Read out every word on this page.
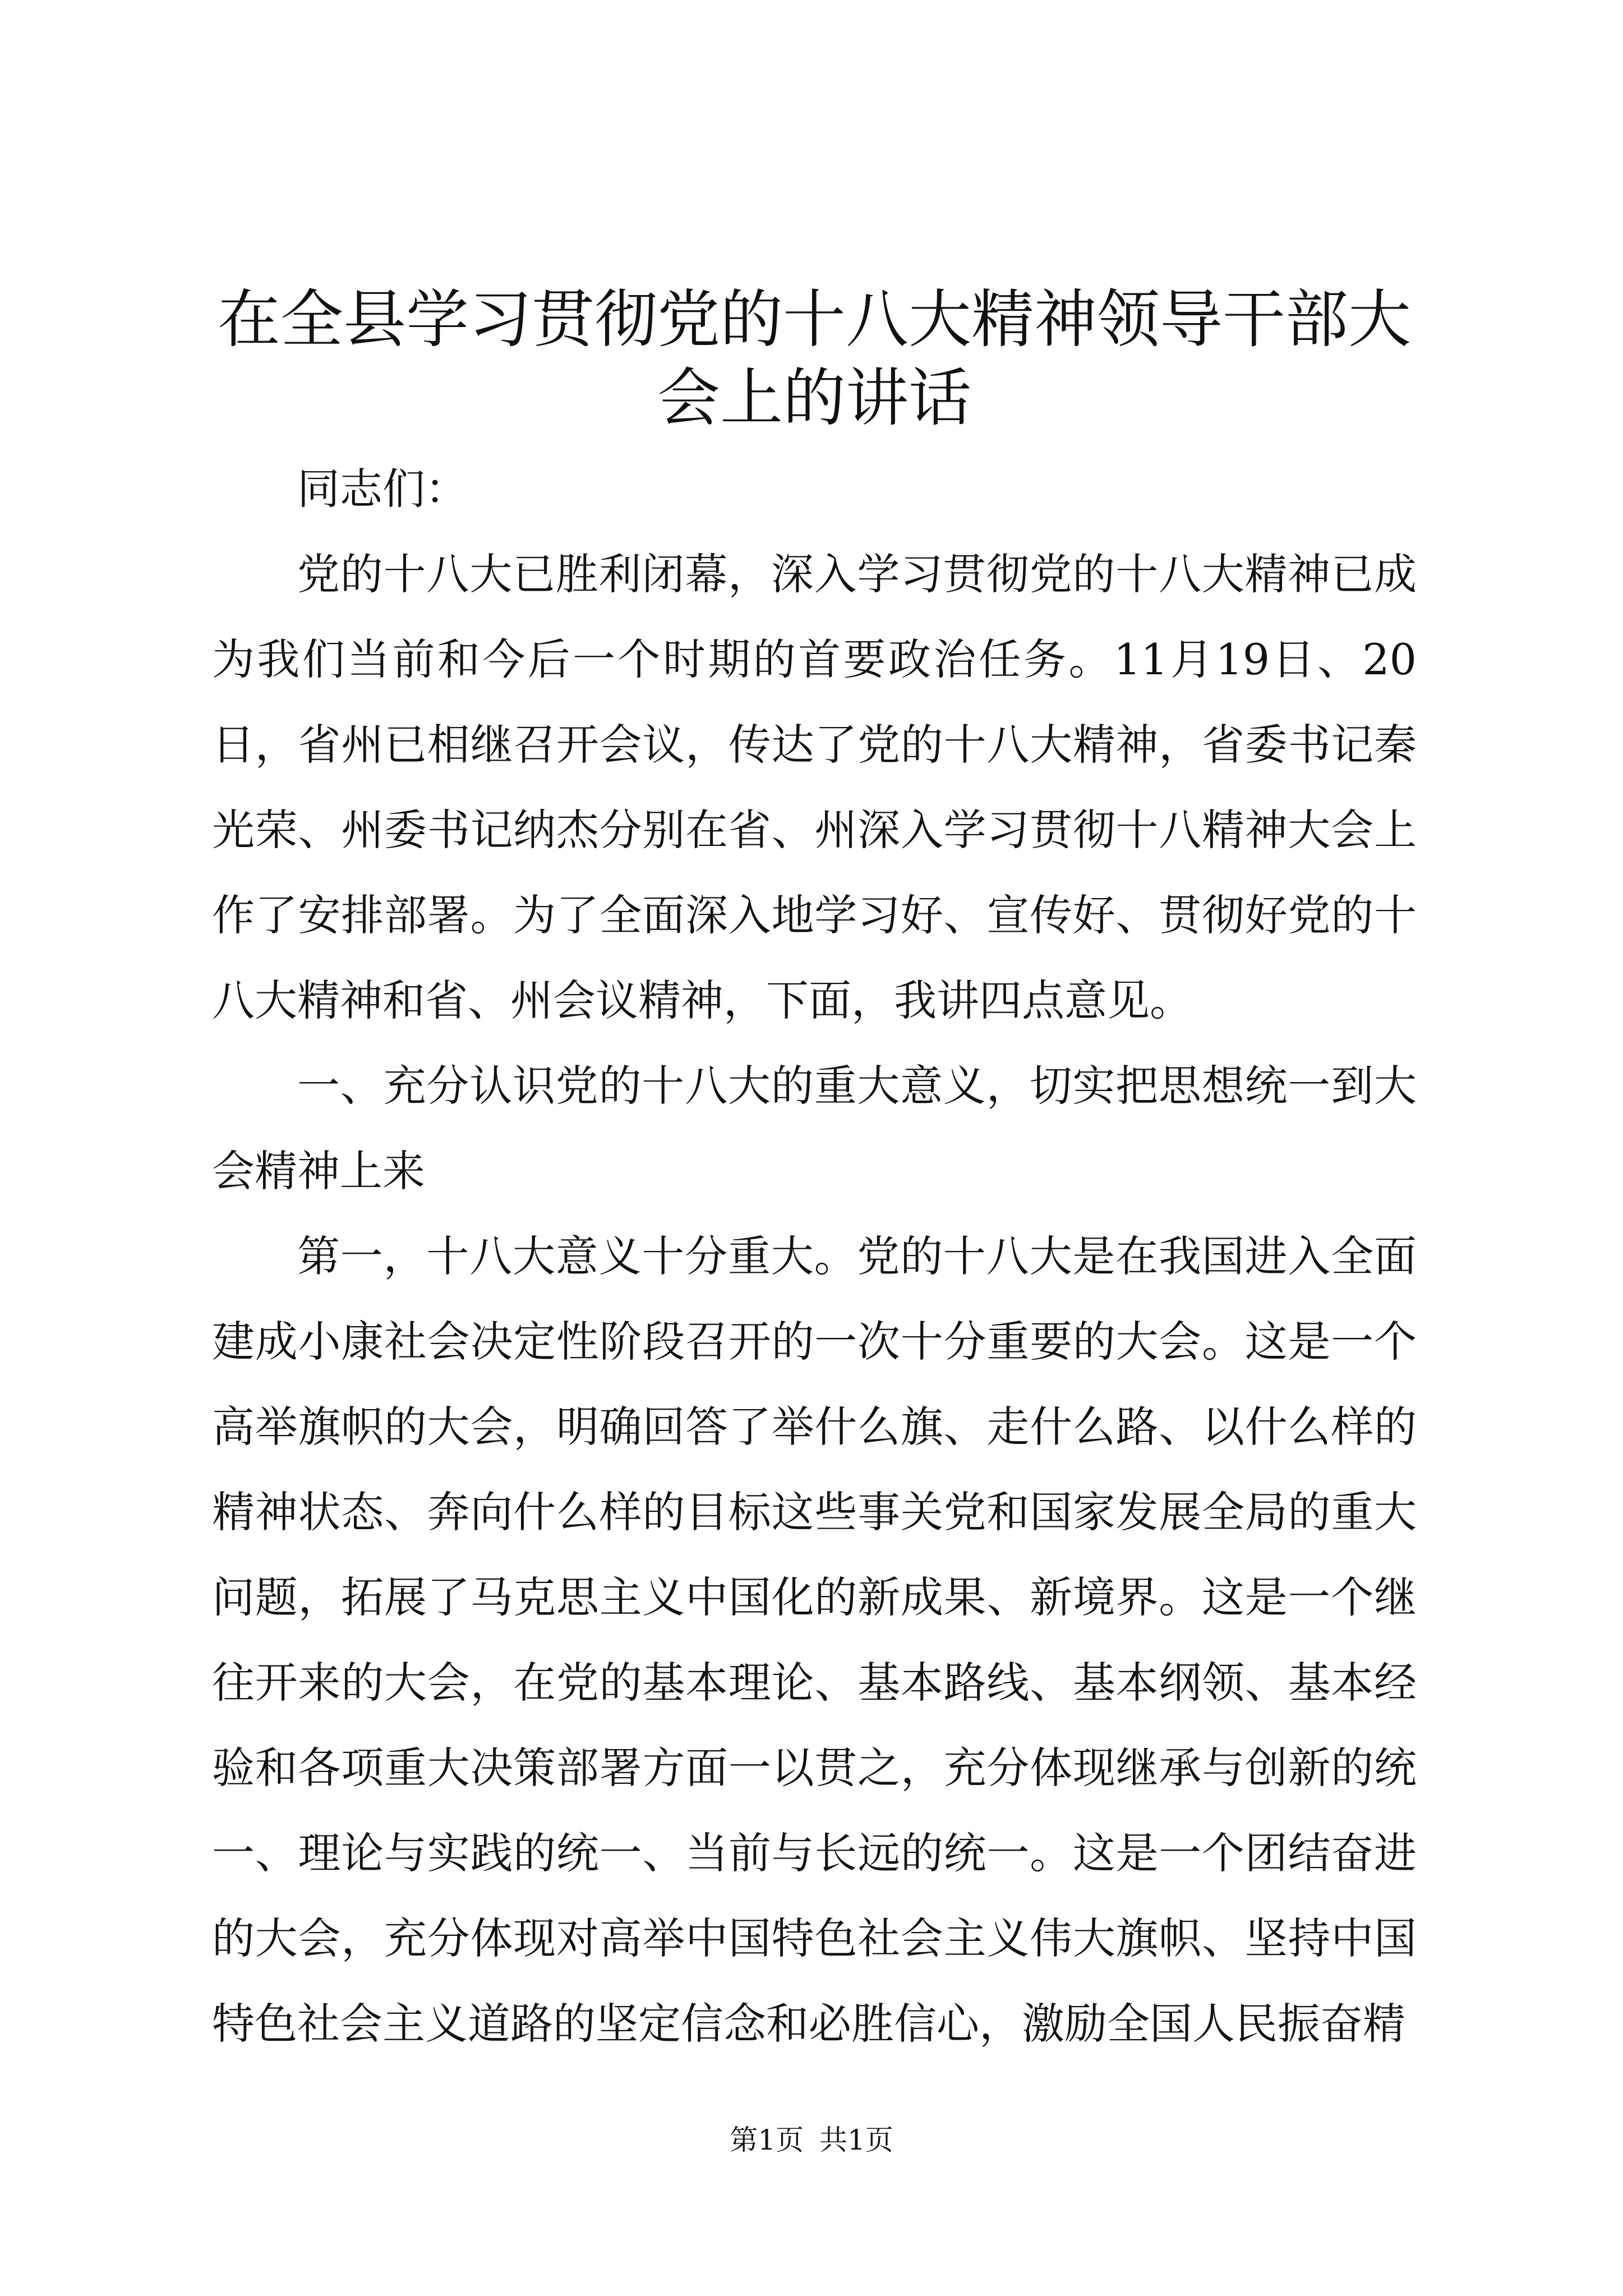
在全县学习贯彻党的十八大精神领导干部大会上的讲话

同志们：

党的十八大已胜利闭幕，深入学习贯彻党的十八大精神已成为我们当前和今后一个时期的首要政治任务。11月19日、20日，省州已相继召开会议，传达了党的十八大精神，省委书记秦光荣、州委书记纳杰分别在省、州深入学习贯彻十八精神大会上作了安排部署。为了全面深入地学习好、宣传好、贯彻好党的十八大精神和省、州会议精神，下面，我讲四点意见。

一、充分认识党的十八大的重大意义，切实把思想统一到大会精神上来

第一，十八大意义十分重大。党的十八大是在我国进入全面建成小康社会决定性阶段召开的一次十分重要的大会。这是一个高举旗帜的大会，明确回答了举什么旗、走什么路、以什么样的精神状态、奔向什么样的目标这些事关党和国家发展全局的重大问题，拓展了马克思主义中国化的新成果、新境界。这是一个继往开来的大会，在党的基本理论、基本路线、基本纲领、基本经验和各项重大决策部署方面一以贯之，充分体现继承与创新的统一、理论与实践的统一、当前与长远的统一。这是一个团结奋进的大会，充分体现对高举中国特色社会主义伟大旗帜、坚持中国特色社会主义道路的坚定信念和必胜信心，激励全国人民振奋精

第1页 共1页
